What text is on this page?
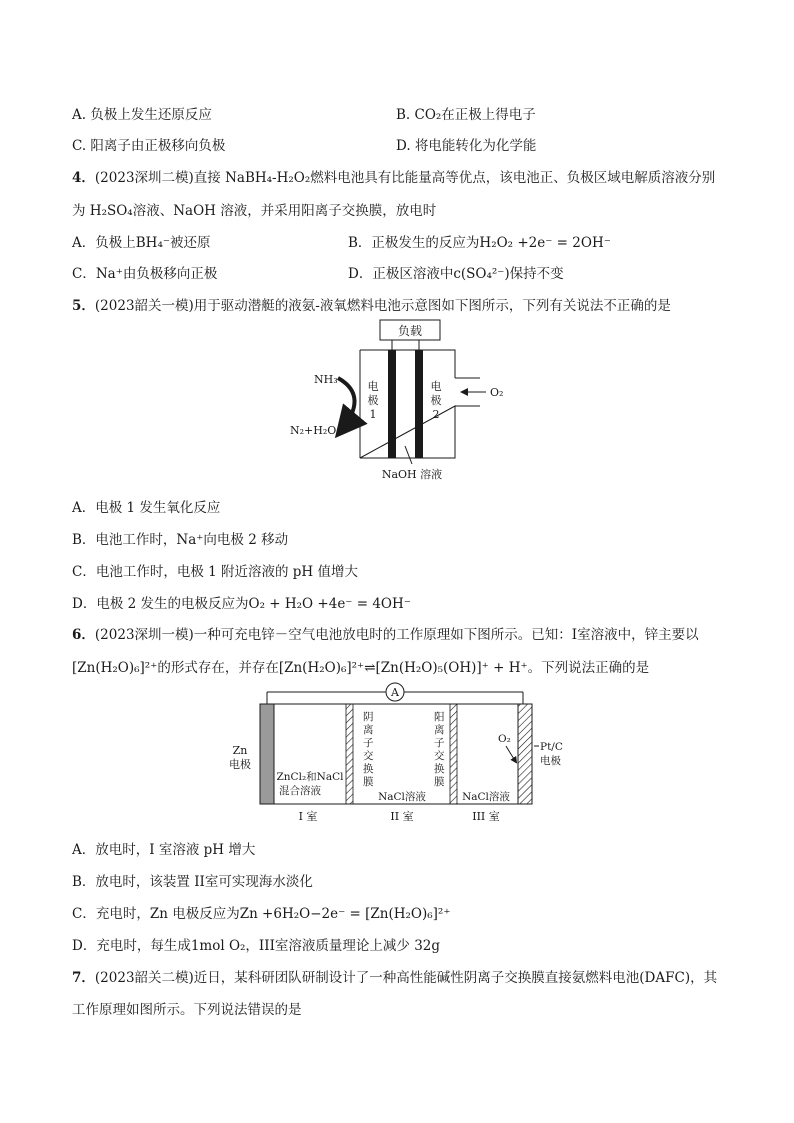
A. 负极上发生还原反应	B. CO₂在正极上得电子
C. 阳离子由正极移向负极	D. 将电能转化为化学能
4．(2023深圳二模)直接 NaBH₄-H₂O₂燃料电池具有比能量高等优点，该电池正、负极区域电解质溶液分别
为 H₂SO₄溶液、NaOH 溶液，并采用阳离子交换膜，放电时
A．负极上BH₄⁻被还原	B．正极发生的反应为H₂O₂ +2e⁻ = 2OH⁻
C．Na⁺由负极移向正极	D．正极区溶液中c(SO₄²⁻)保持不变
5．(2023韶关一模)用于驱动潜艇的液氨-液氧燃料电池示意图如下图所示，下列有关说法不正确的是
负载
电
极
1
电
极
2
NH₃
N₂+H₂O
O₂
NaOH 溶液
A．电极 1 发生氧化反应
B．电池工作时，Na⁺向电极 2 移动
C．电池工作时，电极 1 附近溶液的 pH 值增大
D．电极 2 发生的电极反应为O₂ + H₂O +4e⁻ = 4OH⁻
6．(2023深圳一模)一种可充电锌－空气电池放电时的工作原理如下图所示。已知：I室溶液中，锌主要以
[Zn(H₂O)₆]²⁺的形式存在，并存在[Zn(H₂O)₆]²⁺⇌[Zn(H₂O)₅(OH)]⁺ + H⁺。下列说法正确的是
A
Zn
电极
ZnCl₂和NaCl
混合溶液
阴
离
子
交
换
膜
阳
离
子
交
换
膜
NaCl溶液	NaCl溶液
O₂
Pt/C
电极
I 室	II 室	III 室
A．放电时，I 室溶液 pH 增大
B．放电时，该装置 II室可实现海水淡化
C．充电时，Zn 电极反应为Zn +6H₂O−2e⁻ = [Zn(H₂O)₆]²⁺
D．充电时，每生成1mol O₂，III室溶液质量理论上减少 32g
7．(2023韶关二模)近日，某科研团队研制设计了一种高性能碱性阴离子交换膜直接氨燃料电池(DAFC)，其
工作原理如图所示。下列说法错误的是
